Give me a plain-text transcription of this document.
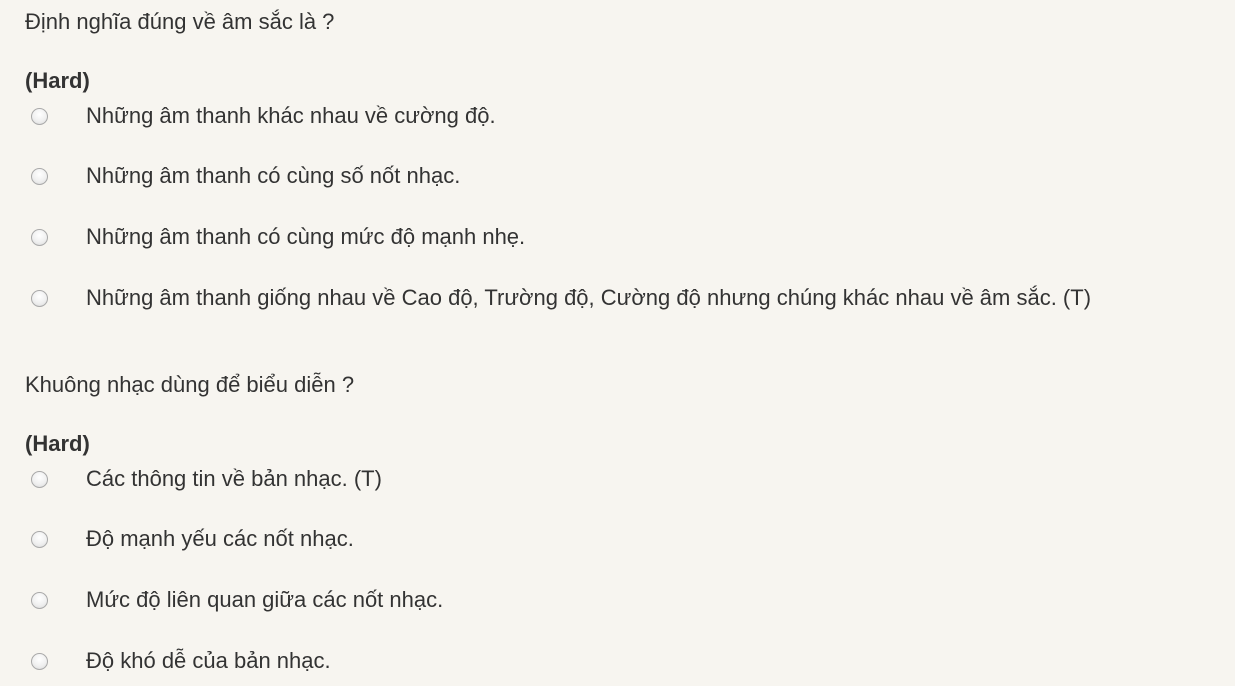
Định nghĩa đúng về âm sắc là ?
(Hard)
Những âm thanh khác nhau về cường độ.
Những âm thanh có cùng số nốt nhạc.
Những âm thanh có cùng mức độ mạnh nhẹ.
Những âm thanh giống nhau về Cao độ, Trường độ, Cường độ nhưng chúng khác nhau về âm sắc. (T)
Khuông nhạc dùng để biểu diễn ?
(Hard)
Các thông tin về bản nhạc. (T)
Độ mạnh yếu các nốt nhạc.
Mức độ liên quan giữa các nốt nhạc.
Độ khó dễ của bản nhạc.
